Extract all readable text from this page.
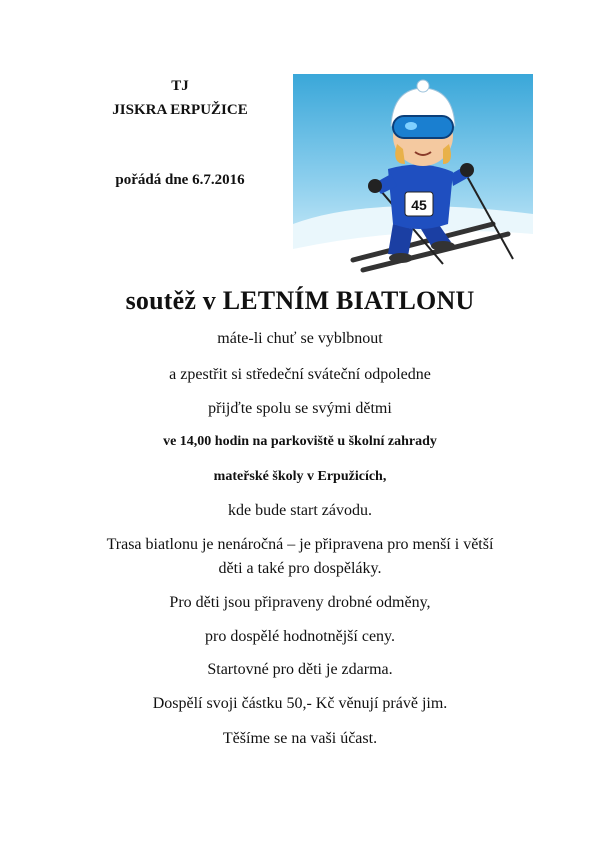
TJ
JISKRA ERPUŽICE
pořádá dne 6.7.2016
45
soutěž v LETNÍM BIATLONU
máte-li chuť se vyblbnout
a zpestřit si středeční sváteční odpoledne
přijďte spolu se svými dětmi
ve 14,00 hodin na parkoviště u školní zahrady
mateřské školy v Erpužicích,
kde bude start závodu.
Trasa biatlonu je nenáročná – je připravena pro menší i větší
děti a také pro dospěláky.
Pro děti jsou připraveny drobné odměny,
pro dospělé hodnotnější ceny.
Startovné pro děti je zdarma.
Dospělí svoji částku 50,- Kč věnují právě jim.
Těšíme se na vaši účast.
